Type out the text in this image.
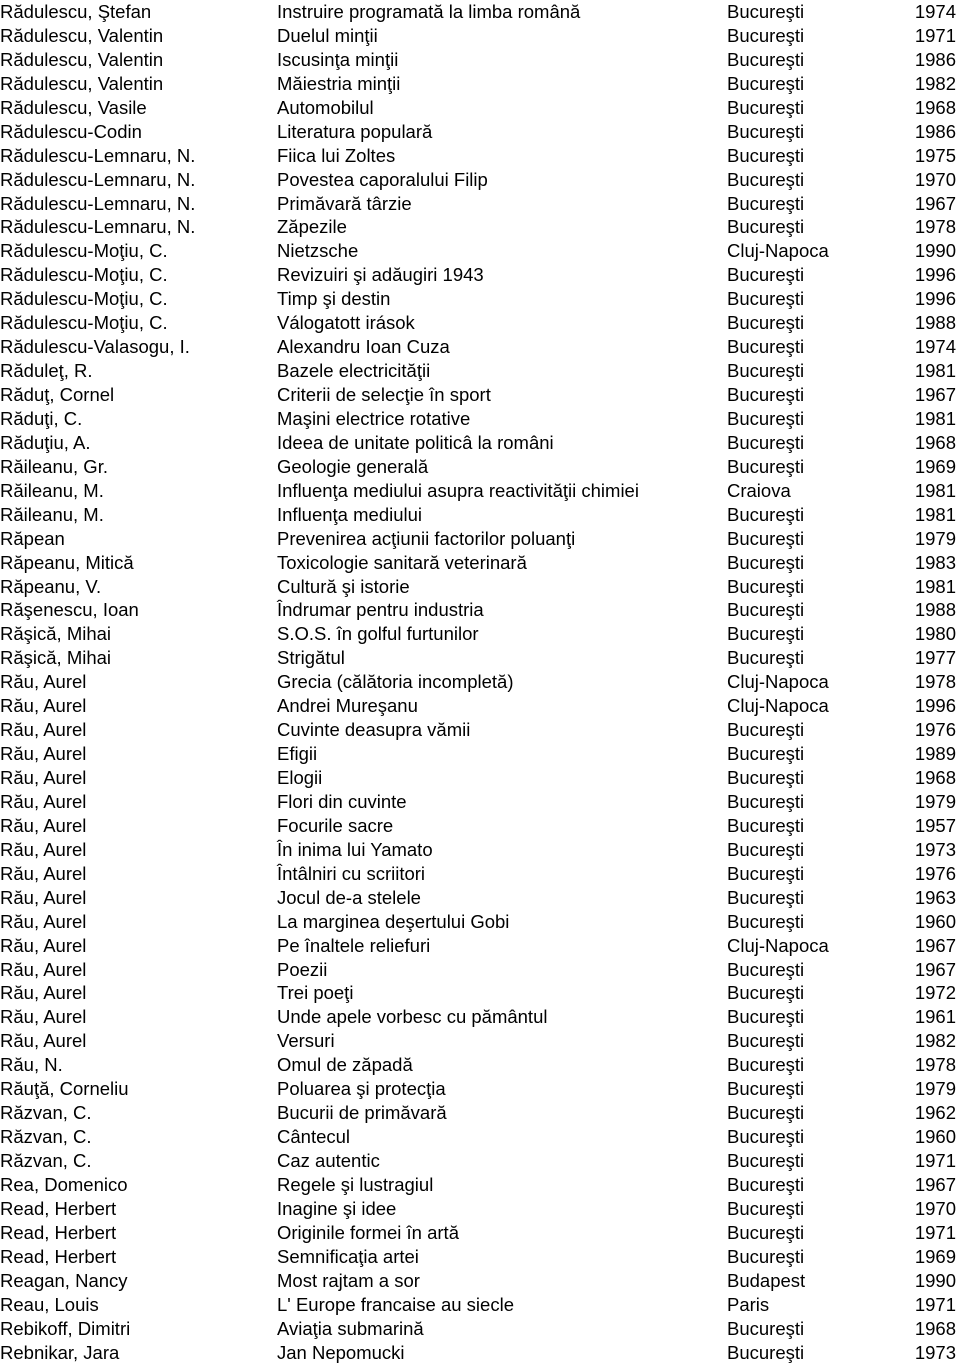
Rădulescu, Ştefan	Instruire programată la limba română	Bucureşti	1974
Rădulescu, Valentin	Duelul minţii	Bucureşti	1971
Rădulescu, Valentin	Iscusinţa minţii	Bucureşti	1986
Rădulescu, Valentin	Măiestria minţii	Bucureşti	1982
Rădulescu, Vasile	Automobilul	Bucureşti	1968
Rădulescu-Codin	Literatura populară	Bucureşti	1986
Rădulescu-Lemnaru, N.	Fiica lui Zoltes	Bucureşti	1975
Rădulescu-Lemnaru, N.	Povestea caporalului Filip	Bucureşti	1970
Rădulescu-Lemnaru, N.	Primăvară târzie	Bucureşti	1967
Rădulescu-Lemnaru, N.	Zăpezile	Bucureşti	1978
Rădulescu-Moţiu, C.	Nietzsche	Cluj-Napoca	1990
Rădulescu-Moţiu, C.	Revizuiri şi adăugiri 1943	Bucureşti	1996
Rădulescu-Moţiu, C.	Timp şi destin	Bucureşti	1996
Rădulescu-Moţiu, C.	Válogatott irások	Bucureşti	1988
Rădulescu-Valasogu, I.	Alexandru Ioan Cuza	Bucureşti	1974
Răduleţ, R.	Bazele electricităţii	Bucureşti	1981
Răduţ, Cornel	Criterii de selecţie în sport	Bucureşti	1967
Răduţi, C.	Maşini electrice rotative	Bucureşti	1981
Răduţiu, A.	Ideea de unitate politicâ la români	Bucureşti	1968
Răileanu, Gr.	Geologie generală	Bucureşti	1969
Răileanu, M.	Influenţa mediului asupra reactivităţii chimiei	Craiova	1981
Răileanu, M.	Influenţa mediului	Bucureşti	1981
Răpean	Prevenirea acţiunii factorilor poluanţi	Bucureşti	1979
Răpeanu, Mitică	Toxicologie sanitară veterinară	Bucureşti	1983
Răpeanu, V.	Cultură şi istorie	Bucureşti	1981
Răşenescu, Ioan	Îndrumar pentru industria	Bucureşti	1988
Răşică, Mihai	S.O.S. în golful furtunilor	Bucureşti	1980
Răşică, Mihai	Strigătul	Bucureşti	1977
Rău, Aurel	Grecia (călătoria incompletă)	Cluj-Napoca	1978
Rău, Aurel	Andrei Mureşanu	Cluj-Napoca	1996
Rău, Aurel	Cuvinte deasupra vămii	Bucureşti	1976
Rău, Aurel	Efigii	Bucureşti	1989
Rău, Aurel	Elogii	Bucureşti	1968
Rău, Aurel	Flori din cuvinte	Bucureşti	1979
Rău, Aurel	Focurile sacre	Bucureşti	1957
Rău, Aurel	În inima lui Yamato	Bucureşti	1973
Rău, Aurel	Întâlniri cu scriitori	Bucureşti	1976
Rău, Aurel	Jocul de-a stelele	Bucureşti	1963
Rău, Aurel	La marginea deşertului Gobi	Bucureşti	1960
Rău, Aurel	Pe înaltele reliefuri	Cluj-Napoca	1967
Rău, Aurel	Poezii	Bucureşti	1967
Rău, Aurel	Trei poeţi	Bucureşti	1972
Rău, Aurel	Unde apele vorbesc cu pământul	Bucureşti	1961
Rău, Aurel	Versuri	Bucureşti	1982
Rău, N.	Omul de zăpadă	Bucureşti	1978
Răuţă, Corneliu	Poluarea şi protecţia	Bucureşti	1979
Răzvan, C.	Bucurii de primăvară	Bucureşti	1962
Răzvan, C.	Cântecul	Bucureşti	1960
Răzvan, C.	Caz autentic	Bucureşti	1971
Rea, Domenico	Regele şi lustragiul	Bucureşti	1967
Read, Herbert	Inagine şi idee	Bucureşti	1970
Read, Herbert	Originile formei în artă	Bucureşti	1971
Read, Herbert	Semnificaţia artei	Bucureşti	1969
Reagan, Nancy	Most rajtam a sor	Budapest	1990
Reau, Louis	L' Europe francaise au siecle	Paris	1971
Rebikoff, Dimitri	Aviaţia submarină	Bucureşti	1968
Rebnikar, Jara	Jan Nepomucki	Bucureşti	1973
